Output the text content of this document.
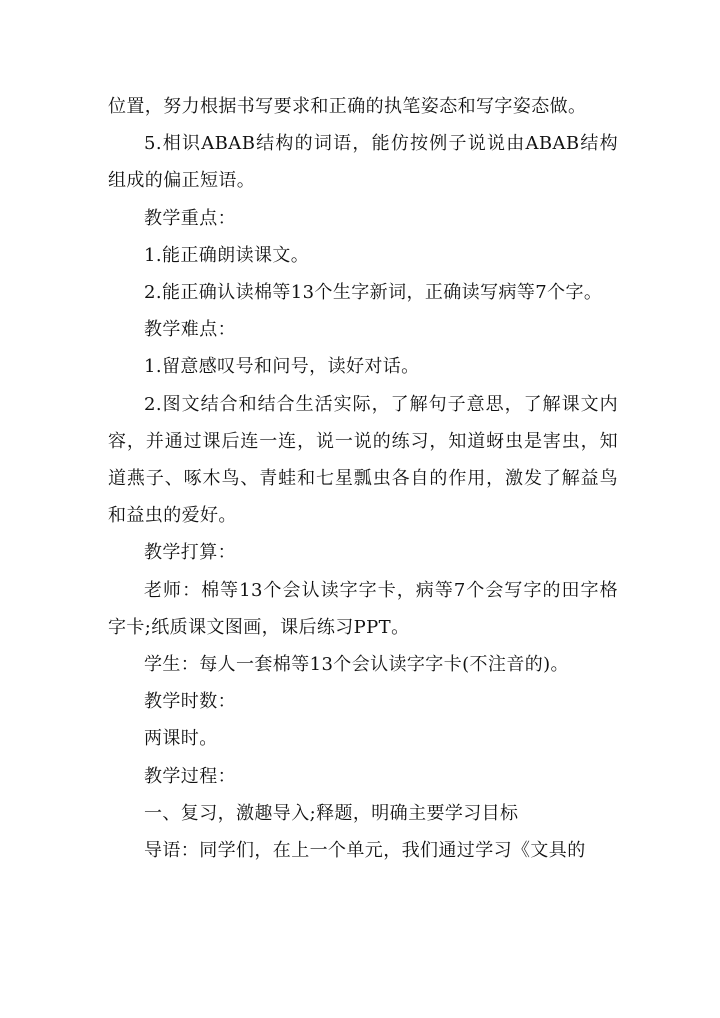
位置，努力根据书写要求和正确的执笔姿态和写字姿态做。

5.相识ABAB结构的词语，能仿按例子说说由ABAB结构组成的偏正短语。

教学重点：

1.能正确朗读课文。

2.能正确认读棉等13个生字新词，正确读写病等7个字。

教学难点：

1.留意感叹号和问号，读好对话。

2.图文结合和结合生活实际，了解句子意思，了解课文内容，并通过课后连一连，说一说的练习，知道蚜虫是害虫，知道燕子、啄木鸟、青蛙和七星瓢虫各自的作用，激发了解益鸟和益虫的爱好。

教学打算：

老师：棉等13个会认读字字卡，病等7个会写字的田字格字卡;纸质课文图画，课后练习PPT。

学生：每人一套棉等13个会认读字字卡(不注音的)。

教学时数：

两课时。

教学过程：

一、复习，激趣导入;释题，明确主要学习目标

导语：同学们，在上一个单元，我们通过学习《文具的
